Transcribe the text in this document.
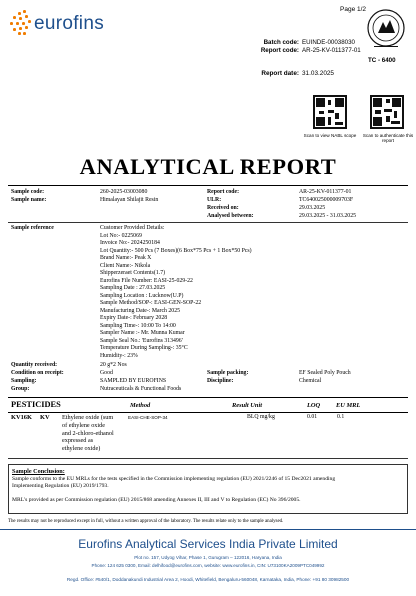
Page 1/2
eurofins
Batch code: EUINDE-00038030
Report code: AR-25-KV-011377-01
Report date: 31.03.2025
TC - 6400
Scan to view NABL scope	Scan to authenticate this report
ANALYTICAL REPORT
Sample code:	260-2025-03003080
Sample name:	Himalayan Shilajit Resin
Report code:	AR-25-KV-011377-01
ULR:	TC640025000009703F
Received on:	29.03.2025
Analysed between:	29.03.2025 - 31.03.2025
Sample reference	Customer Provided Details:
Lot No:- 0225069
Invoice No:- 2024250184
Lot Quantity:- 500 Pcs (7 Boxes)(6 Box*75 Pcs + 1 Box*50 Pcs)
Brand Name:- Peak X
Client Name:- Nikola
Shipperzeraet Contents(1.7)
Eurofins File Number: EASI-25-029-22
Sampling Date : 27.03.2025
Sampling Location : Lucknow(U.P)
Sample Method/SOP-: EASI-GEN-SOP-22
Manufacturing Date-: March 2025
Expiry Date-: February 2028
Sampling Time-: 10:00 To 14:00
Sampler Name :- Mr. Munna Kumar
Sample Seal No.: 'Eurofins 313496'
Temperature During Sampling-: 35°C
Humidity-: 23%
Quantity received:	20 g*2 Nos
Condition on receipt:	Good
Sampling:	SAMPLED BY EUROFINS
Group:	Nutraceuticals & Functional Foods
Sample packing:	EF Sealed Poly Pouch
Discipline:	Chemical
PESTICIDES	Method	Result Unit	LOQ EU MRL
KV16K KV Ethylene oxide (sum
of ethylene oxide
and 2-chloro-ethanol
expressed as
ethylene oxide)
EASI-CHE-SOP-34	BLQ mg/kg	0.01	0.1
Sample Conclusion:
Sample conforms to the EU MRLs for the tests specified in the Commission implementing regulation (EU) 2021/2246 of 15 Dec2021 amending
Implementing Regulation (EU) 2019/1793.
MRL's provided as per Commission regulation (EU) 2015/868 amending Annexes II, III and V to Regulation (EC) No 396/2005.
The results may not be reproduced except in full, without a written approval of the laboratory. The results relate only to the sample analysed.
Eurofins Analytical Services India Private Limited
Plot no. 157, Udyog Vihar, Phase 1, Gurugram – 122016, Haryana, India
Phone: 124 625 0300, Email: delhifood@eurofins.com, website: www.eurofins.in, CIN: U73100KA2009PTC049992
Regd. Office: #540/1, Doddanakundi Industrial Area 2, Hoodi, Whitefield, Bengaluru-560048, Karnataka, India, Phone: +91 80 30982500
